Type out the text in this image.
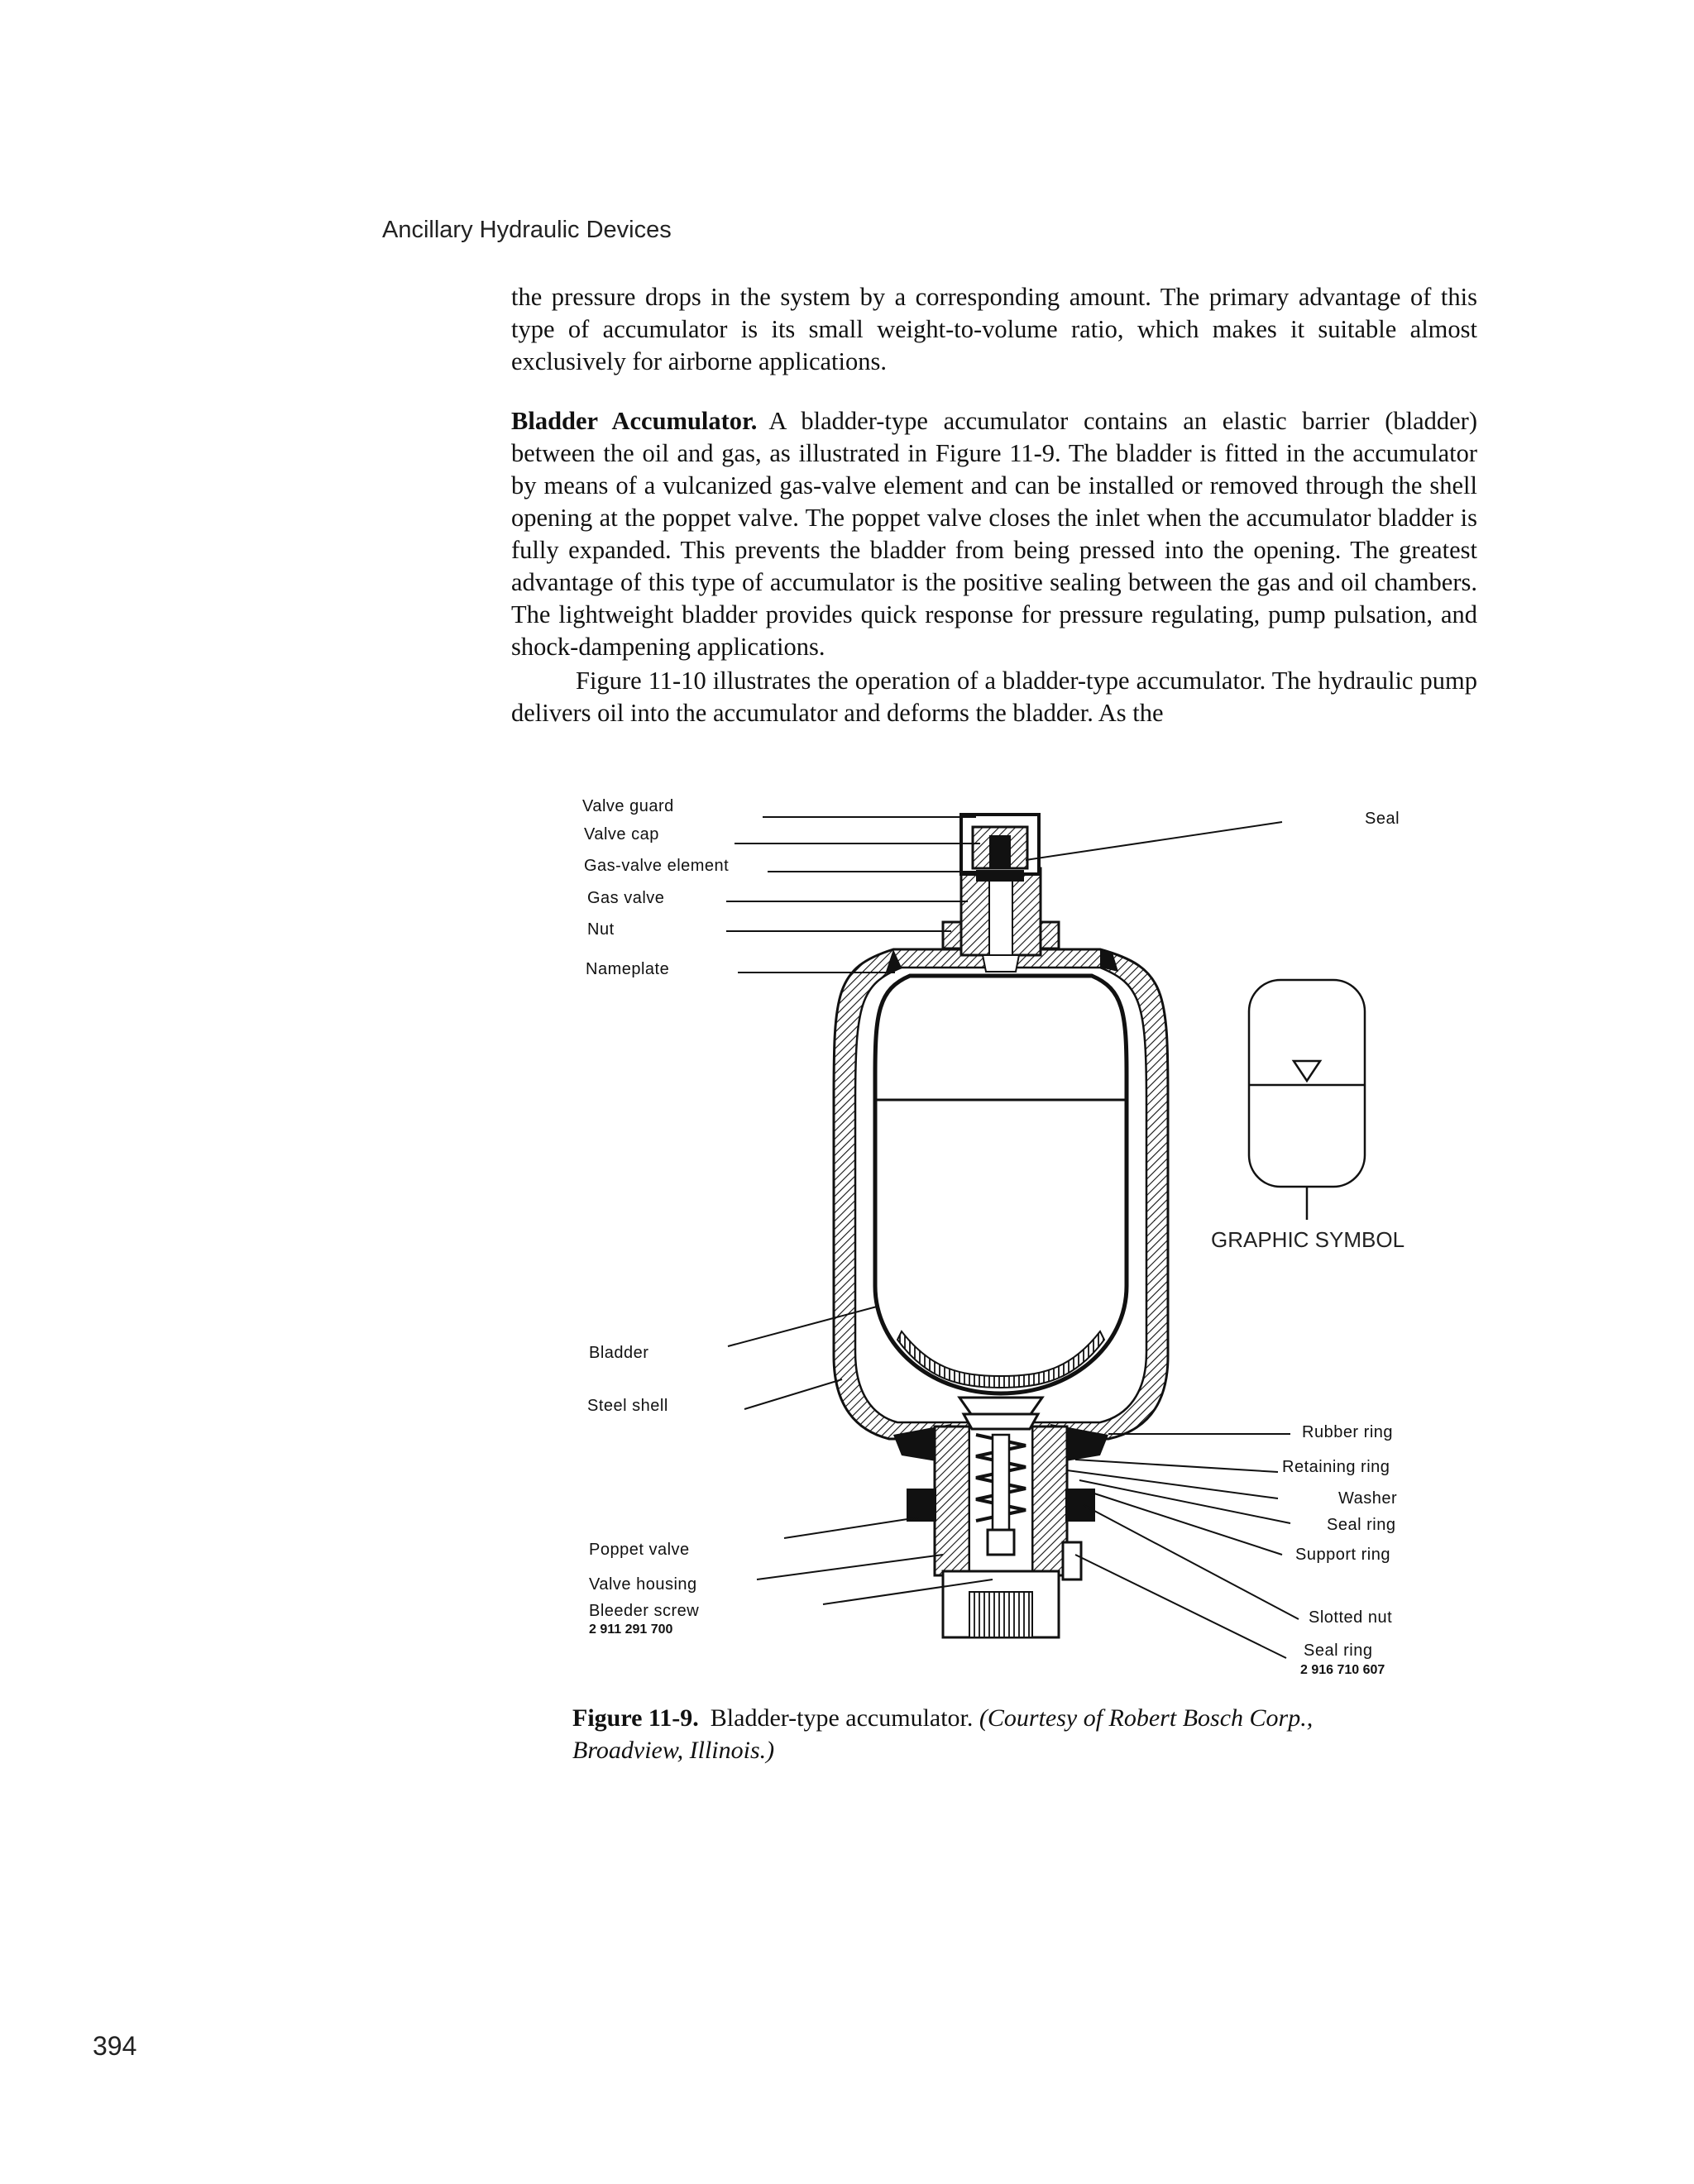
Ancillary Hydraulic Devices

the pressure drops in the system by a corresponding amount. The primary advantage of this type of accumulator is its small weight-to-volume ratio, which makes it suitable almost exclusively for airborne applications.

Bladder Accumulator. A bladder-type accumulator contains an elastic barrier (bladder) between the oil and gas, as illustrated in Figure 11-9. The bladder is fitted in the accumulator by means of a vulcanized gas-valve element and can be installed or removed through the shell opening at the poppet valve. The poppet valve closes the inlet when the accumulator bladder is fully expanded. This prevents the bladder from being pressed into the opening. The greatest advantage of this type of accumulator is the positive sealing between the gas and oil chambers. The lightweight bladder provides quick response for pressure regulating, pump pulsation, and shock-dampening applications.

Figure 11-10 illustrates the operation of a bladder-type accumulator. The hydraulic pump delivers oil into the accumulator and deforms the bladder. As the

GRAPHIC SYMBOL
Valve guard
Valve cap
Gas-valve element
Gas valve
Nut
Nameplate
Bladder
Steel shell
Poppet valve
Valve housing
Bleeder screw
2 911 291 700
Seal
Rubber ring
Retaining ring
Washer
Seal ring
Support ring
Slotted nut
Seal ring
2 916 710 607
Figure 11-9. Bladder-type accumulator. (Courtesy of Robert Bosch Corp., Broadview, Illinois.)
394
